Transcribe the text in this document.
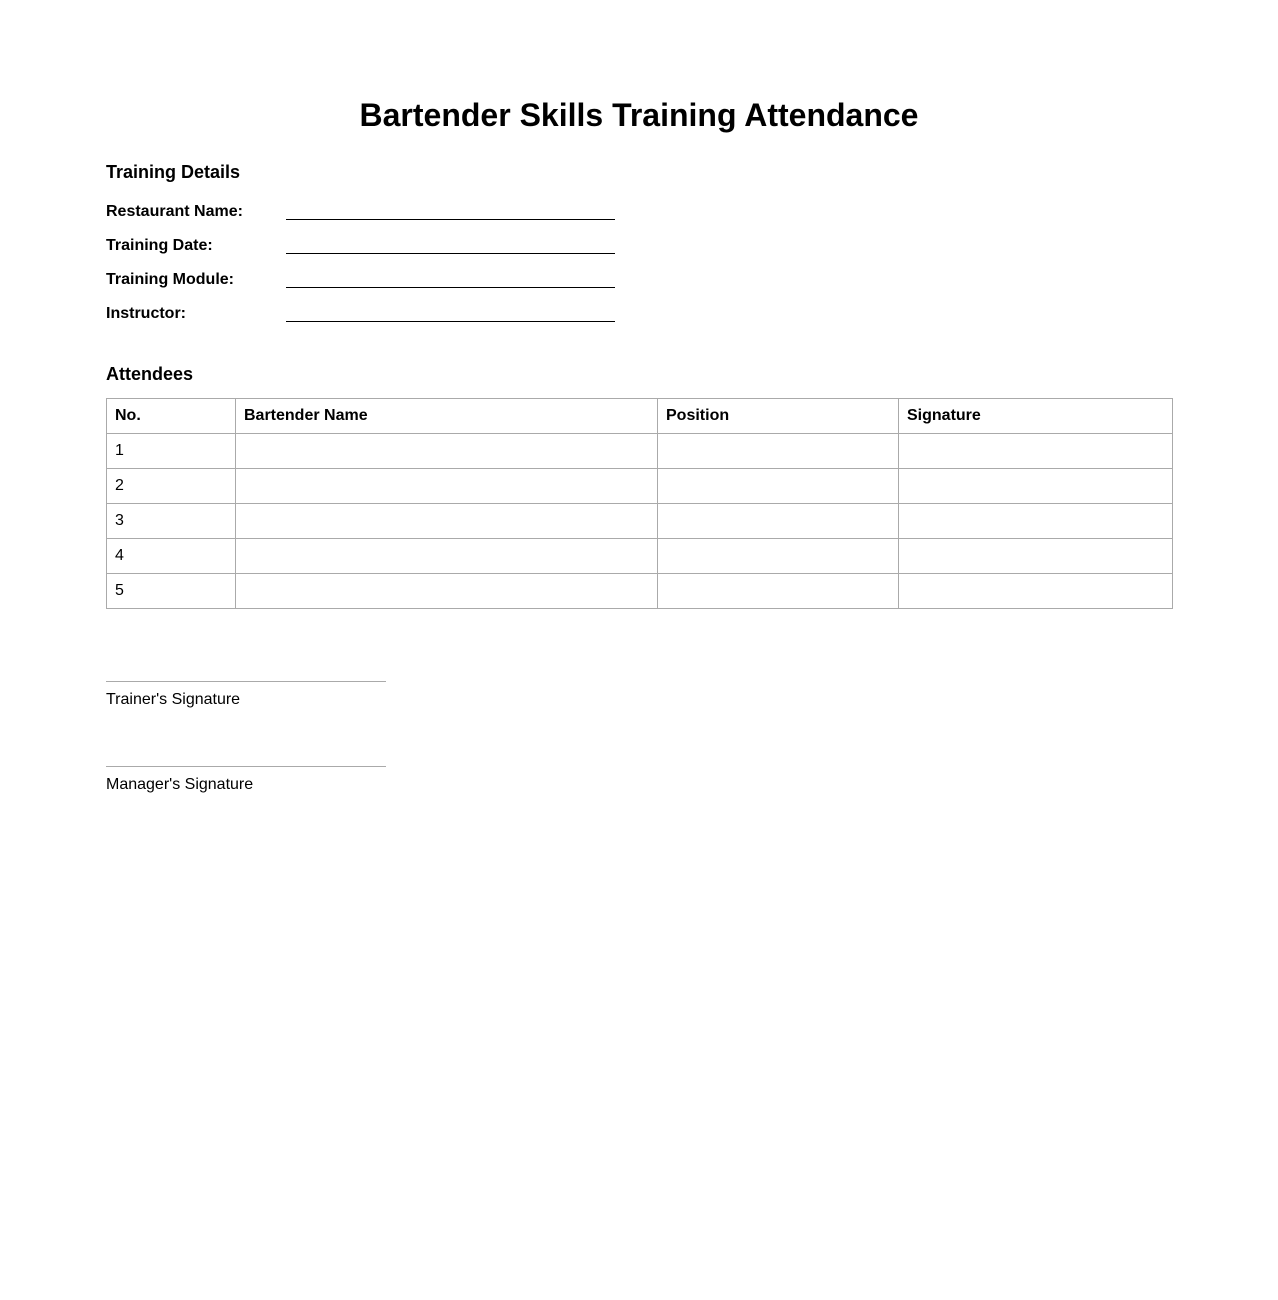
Bartender Skills Training Attendance
Training Details
Restaurant Name:
Training Date:
Training Module:
Instructor:
Attendees
No.	Bartender Name	Position	Signature
1			
2			
3			
4			
5			
Trainer's Signature
Manager's Signature
